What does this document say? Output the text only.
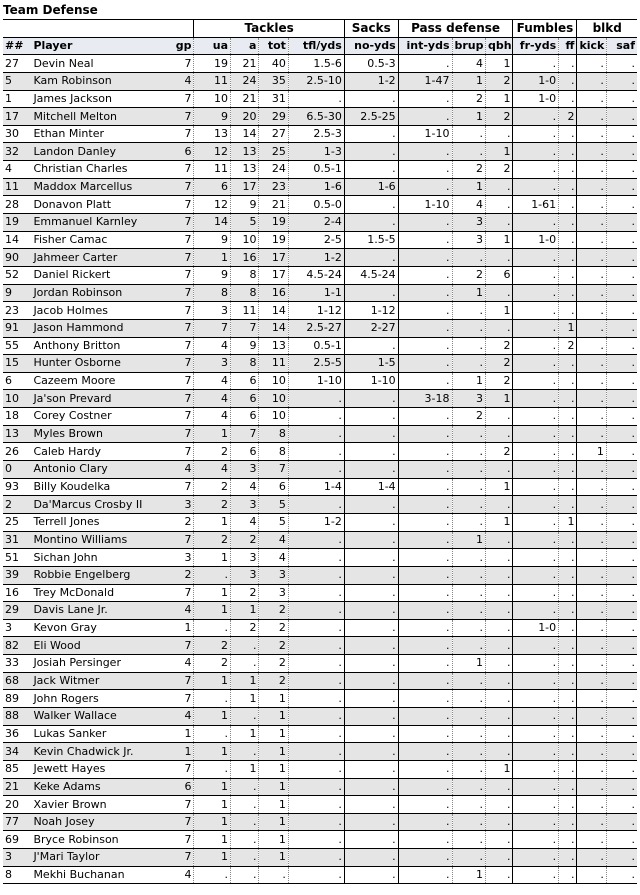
Team Defense
			Tackles				Sacks	Pass defense			Fumbles		blkd	
##	Player	gp	ua	a	tot	tfl/yds	no-yds	int-yds	brup	qbh	fr-yds	ff	kick	saf
27	Devin Neal	7	19	21	40	1.5-6	0.5-3	.	4	1	.	.	.	.
5	Kam Robinson	4	11	24	35	2.5-10	1-2	1-47	1	2	1-0	.	.	.
1	James Jackson	7	10	21	31	.	.	.	2	1	1-0	.	.	.
17	Mitchell Melton	7	9	20	29	6.5-30	2.5-25	.	1	2	.	2	.	.
30	Ethan Minter	7	13	14	27	2.5-3	.	1-10	.	.	.	.	.	.
32	Landon Danley	6	12	13	25	1-3	.	.	.	1	.	.	.	.
4	Christian Charles	7	11	13	24	0.5-1	.	.	2	2	.	.	.	.
11	Maddox Marcellus	7	6	17	23	1-6	1-6	.	1	.	.	.	.	.
28	Donavon Platt	7	12	9	21	0.5-0	.	1-10	4	.	1-61	.	.	.
19	Emmanuel Karnley	7	14	5	19	2-4	.	.	3	.	.	.	.	.
14	Fisher Camac	7	9	10	19	2-5	1.5-5	.	3	1	1-0	.	.	.
90	Jahmeer Carter	7	1	16	17	1-2	.	.	.	.	.	.	.	.
52	Daniel Rickert	7	9	8	17	4.5-24	4.5-24	.	2	6	.	.	.	.
9	Jordan Robinson	7	8	8	16	1-1	.	.	1	.	.	.	.	.
23	Jacob Holmes	7	3	11	14	1-12	1-12	.	.	1	.	.	.	.
91	Jason Hammond	7	7	7	14	2.5-27	2-27	.	.	.	.	1	.	.
55	Anthony Britton	7	4	9	13	0.5-1	.	.	.	2	.	2	.	.
15	Hunter Osborne	7	3	8	11	2.5-5	1-5	.	.	2	.	.	.	.
6	Cazeem Moore	7	4	6	10	1-10	1-10	.	1	2	.	.	.	.
10	Ja'son Prevard	7	4	6	10	.	.	3-18	3	1	.	.	.	.
18	Corey Costner	7	4	6	10	.	.	.	2	.	.	.	.	.
13	Myles Brown	7	1	7	8	.	.	.	.	.	.	.	.	.
26	Caleb Hardy	7	2	6	8	.	.	.	.	2	.	.	1	.
0	Antonio Clary	4	4	3	7	.	.	.	.	.	.	.	.	.
93	Billy Koudelka	7	2	4	6	1-4	1-4	.	.	1	.	.	.	.
2	Da'Marcus Crosby II	3	2	3	5	.	.	.	.	.	.	.	.	.
25	Terrell Jones	2	1	4	5	1-2	.	.	.	1	.	1	.	.
31	Montino Williams	7	2	2	4	.	.	.	1	.	.	.	.	.
51	Sichan John	3	1	3	4	.	.	.	.	.	.	.	.	.
39	Robbie Engelberg	2	.	3	3	.	.	.	.	.	.	.	.	.
16	Trey McDonald	7	1	2	3	.	.	.	.	.	.	.	.	.
29	Davis Lane Jr.	4	1	1	2	.	.	.	.	.	.	.	.	.
3	Kevon Gray	1	.	2	2	.	.	.	.	.	1-0	.	.	.
82	Eli Wood	7	2	.	2	.	.	.	.	.	.	.	.	.
33	Josiah Persinger	4	2	.	2	.	.	.	1	.	.	.	.	.
68	Jack Witmer	7	1	1	2	.	.	.	.	.	.	.	.	.
89	John Rogers	7	.	1	1	.	.	.	.	.	.	.	.	.
88	Walker Wallace	4	1	.	1	.	.	.	.	.	.	.	.	.
36	Lukas Sanker	1	.	1	1	.	.	.	.	.	.	.	.	.
34	Kevin Chadwick Jr.	1	1	.	1	.	.	.	.	.	.	.	.	.
85	Jewett Hayes	7	.	1	1	.	.	.	.	1	.	.	.	.
21	Keke Adams	6	1	.	1	.	.	.	.	.	.	.	.	.
20	Xavier Brown	7	1	.	1	.	.	.	.	.	.	.	.	.
77	Noah Josey	7	1	.	1	.	.	.	.	.	.	.	.	.
69	Bryce Robinson	7	1	.	1	.	.	.	.	.	.	.	.	.
3	J'Mari Taylor	7	1	.	1	.	.	.	.	.	.	.	.	.
8	Mekhi Buchanan	4	.	.	.	.	.	.	1	.	.	.	.	.
